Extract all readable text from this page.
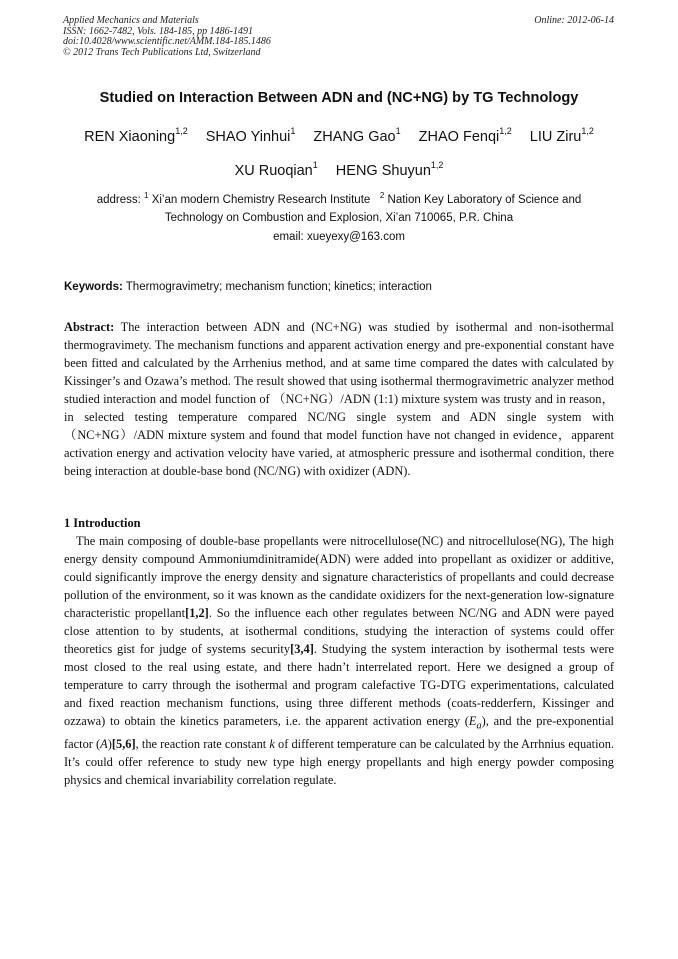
Applied Mechanics and Materials
ISSN: 1662-7482, Vols. 184-185, pp 1486-1491
doi:10.4028/www.scientific.net/AMM.184-185.1486
© 2012 Trans Tech Publications Ltd, Switzerland
Online: 2012-06-14
Studied on Interaction Between ADN and (NC+NG) by TG Technology
REN Xiaoning$^{1,2}$ SHAO Yinhui$^1$ ZHANG Gao$^1$ ZHAO Fenqi$^{1,2}$ LIU Ziru$^{1,2}$
XU Ruoqian$^1$ HENG Shuyun$^{1,2}$
address: $^1$ Xi’an modern Chemistry Research Institute $^2$ Nation Key Laboratory of Science and
Technology on Combustion and Explosion, Xi’an 710065, P.R. China
email: xueyexy@163.com
Keywords: Thermogravimetry; mechanism function; kinetics; interaction
Abstract: The interaction between ADN and (NC+NG) was studied by isothermal and non-isothermal thermogravimety. The mechanism functions and apparent activation energy and pre-exponential constant have been fitted and calculated by the Arrhenius method, and at same time compared the dates with calculated by Kissinger’s and Ozawa’s method. The result showed that using isothermal thermogravimetric analyzer method studied interaction and model function of （NC+NG）/ADN (1:1) mixture system was trusty and in reason，in selected testing temperature compared NC/NG single system and ADN single system with（NC+NG）/ADN mixture system and found that model function have not changed in evidence，apparent activation energy and activation velocity have varied, at atmospheric pressure and isothermal condition, there being interaction at double-base bond (NC/NG) with oxidizer (ADN).
1 Introduction

The main composing of double-base propellants were nitrocellulose(NC) and nitrocellulose(NG), The high energy density compound Ammoniumdinitramide(ADN) were added into propellant as oxidizer or additive, could significantly improve the energy density and signature characteristics of propellants and could decrease pollution of the environment, so it was known as the candidate oxidizers for the next-generation low-signature characteristic propellant[1,2]. So the influence each other regulates between NC/NG and ADN were payed close attention to by students, at isothermal conditions, studying the interaction of systems could offer theoretics gist for judge of systems security[3,4]. Studying the system interaction by isothermal tests were most closed to the real using estate, and there hadn’t interrelated report. Here we designed a group of temperature to carry through the isothermal and program calefactive TG-DTG experimentations, calculated and fixed reaction mechanism functions, using three different methods (coats-redderfern, Kissinger and ozzawa) to obtain the kinetics parameters, i.e. the apparent activation energy $(E_a)$, and the pre-exponential factor (A)[5,6], the reaction rate constant k of different temperature can be calculated by the Arrhnius equation. It’s could offer reference to study new type high energy propellants and high energy powder composing physics and chemical invariability correlation regulate.
